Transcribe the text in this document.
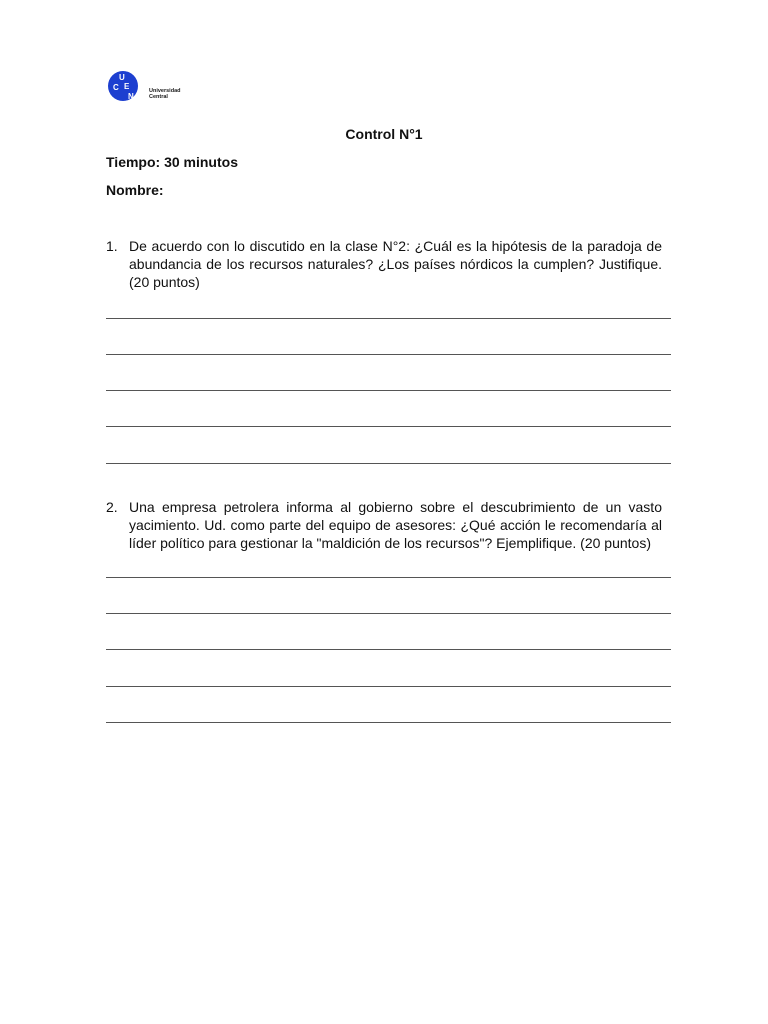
U
C E
N
Universidad
Central
Control N°1
Tiempo: 30 minutos
Nombre:
1. De acuerdo con lo discutido en la clase N°2: ¿Cuál es la hipótesis de la paradoja de abundancia de los recursos naturales? ¿Los países nórdicos la cumplen? Justifique. (20 puntos)
2. Una empresa petrolera informa al gobierno sobre el descubrimiento de un vasto yacimiento. Ud. como parte del equipo de asesores: ¿Qué acción le recomendaría al líder político para gestionar la "maldición de los recursos"? Ejemplifique. (20 puntos)
